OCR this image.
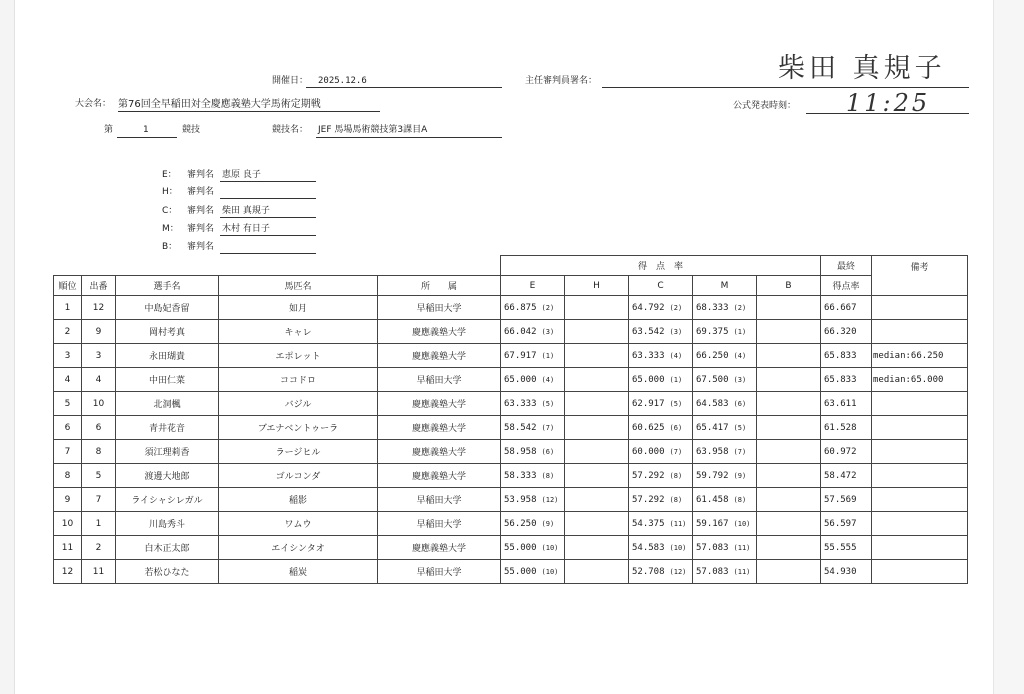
開催日： 2025.12.6	主任審判員署名：	柴田 真規子
大会名： 第76回全早稲田対全慶應義塾大学馬術定期戦	公式発表時刻： 11:25
第	1	競技	競技名： JEF 馬場馬術競技第3課目A
E： 審判名 恵原 良子
H： 審判名
C： 審判名 柴田 真規子
M： 審判名 木村 有日子
B： 審判名
					得　点　率					最終	備考
順位	出番	選手名	馬匹名	所　　属	E	H	C	M	B	得点率	
1	12	中島妃香留	如月	早稲田大学	66.875 (2)		64.792 (2)	68.333 (2)		66.667	
2	9	岡村考真	キャレ	慶應義塾大学	66.042 (3)		63.542 (3)	69.375 (1)		66.320	
3	3	永田瑚貴	エポレット	慶應義塾大学	67.917 (1)		63.333 (4)	66.250 (4)		65.833	median:66.250
4	4	中田仁菜	ココドロ	早稲田大学	65.000 (4)		65.000 (1)	67.500 (3)		65.833	median:65.000
5	10	北洞楓	バジル	慶應義塾大学	63.333 (5)		62.917 (5)	64.583 (6)		63.611	
6	6	青井花音	ブエナベントゥーラ	慶應義塾大学	58.542 (7)		60.625 (6)	65.417 (5)		61.528	
7	8	須江理莉香	ラージヒル	慶應義塾大学	58.958 (6)		60.000 (7)	63.958 (7)		60.972	
8	5	渡邊大地郎	ゴルコンダ	慶應義塾大学	58.333 (8)		57.292 (8)	59.792 (9)		58.472	
9	7	ライシャシレガル	稲影	早稲田大学	53.958 (12)		57.292 (8)	61.458 (8)		57.569	
10	1	川島秀斗	ワムウ	早稲田大学	56.250 (9)		54.375 (11)	59.167 (10)		56.597	
11	2	白木正太郎	エイシンタオ	慶應義塾大学	55.000 (10)		54.583 (10)	57.083 (11)		55.555	
12	11	若松ひなた	稲炭	早稲田大学	55.000 (10)		52.708 (12)	57.083 (11)		54.930	
